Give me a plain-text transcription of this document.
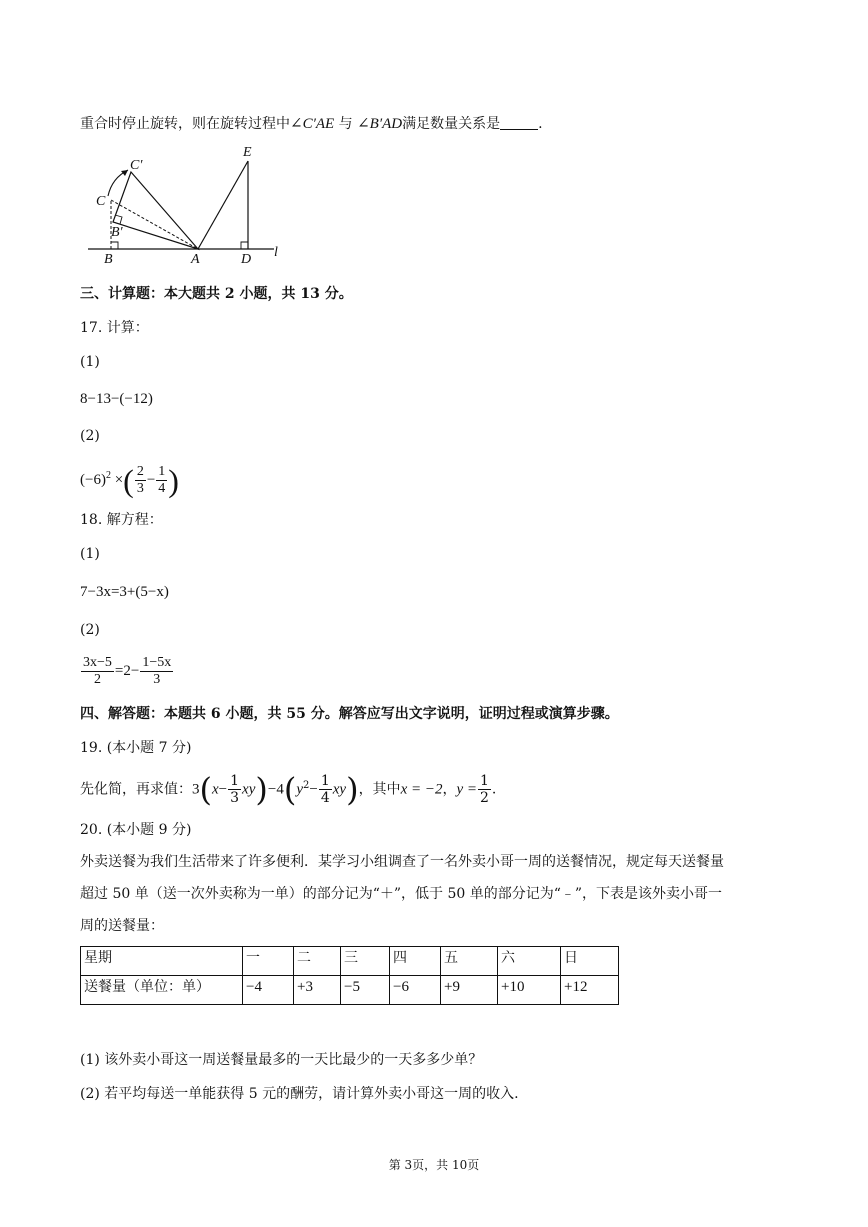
重合时停止旋转，则在旋转过程中∠C′AE 与 ∠B′AD满足数量关系是	.
C′
C
B′
B	A	D
E
l
三、计算题：本大题共 2 小题，共 13 分。
17. 计算：
(1)
8−13−(−12)
(2)
$(-6)^2$ ×( $\frac{2}{3} - \frac{1}{4}$ )
18. 解方程：
(1)
7−3x=3+(5−x)
(2)
$\frac{3x-5}{2} =2- \frac{1-5x}{3}$
四、解答题：本题共 6 小题，共 55 分。解答应写出文字说明，证明过程或演算步骤。
19. (本小题 7 分)
先化简，再求值：$3(x- \frac{1}{3} xy)-4(y^2- \frac{1}{4} xy)$，其中x = −2，$y = \frac{1}{2}$ .
20. (本小题 9 分)
外卖送餐为我们生活带来了许多便利．某学习小组调查了一名外卖小哥一周的送餐情况，规定每天送餐量
超过 50 单（送一次外卖称为一单）的部分记为“＋”，低于 50 单的部分记为“﹣”，下表是该外卖小哥一
周的送餐量：
星期	一	二	三	四	五	六	日
送餐量（单位：单）	−4	+3	−5	−6	+9	+10	+12
(1) 该外卖小哥这一周送餐量最多的一天比最少的一天多多少单？
(2) 若平均每送一单能获得 5 元的酬劳，请计算外卖小哥这一周的收入.
第 3页，共 10页
